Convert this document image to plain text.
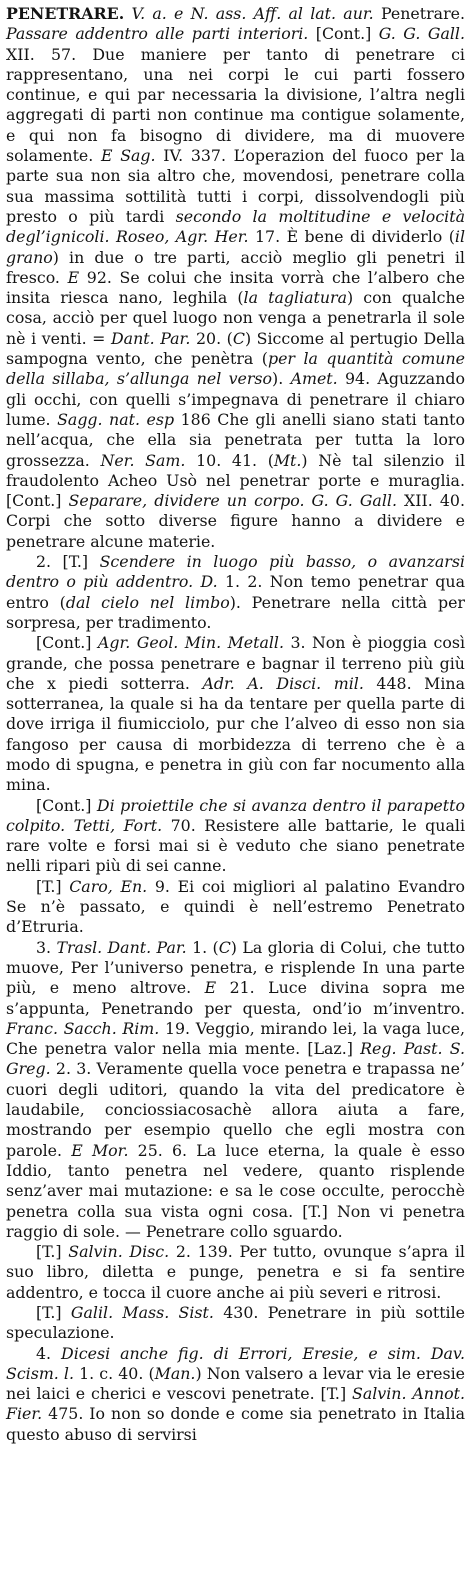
PENETRARE. V. a. e N. ass. Aff. al lat. aur. Penetrare. Passare addentro alle parti interiori. [Cont.] G. G. Gall. XII. 57. Due maniere per tanto di penetrare ci rappresentano, una nei corpi le cui parti fossero continue, e qui par necessaria la divisione, l’altra negli aggregati di parti non continue ma contigue solamente, e qui non fa bisogno di dividere, ma di muovere solamente. E Sag. IV. 337. L’operazion del fuoco per la parte sua non sia altro che, movendosi, penetrare colla sua massima sottilità tutti i corpi, dissolvendogli più presto o più tardi secondo la moltitudine e velocità degl’ignicoli. Roseo, Agr. Her. 17. È bene di dividerlo (il grano) in due o tre parti, acciò meglio gli penetri il fresco. E 92. Se colui che insita vorrà che l’albero che insita riesca nano, leghila (la tagliatura) con qualche cosa, acciò per quel luogo non venga a penetrarla il sole nè i venti. = Dant. Par. 20. (C) Siccome al pertugio Della sampogna vento, che penètra (per la quantità comune della sillaba, s’allunga nel verso). Amet. 94. Aguzzando gli occhi, con quelli s’impegnava di penetrare il chiaro lume. Sagg. nat. esp 186 Che gli anelli siano stati tanto nell’acqua, che ella sia penetrata per tutta la loro grossezza. Ner. Sam. 10. 41. (Mt.) Nè tal silenzio il fraudolento Acheo Usò nel penetrar porte e muraglia. [Cont.] Separare, dividere un corpo. G. G. Gall. XII. 40. Corpi che sotto diverse figure hanno a dividere e penetrare alcune materie.

2. [T.] Scendere in luogo più basso, o avanzarsi dentro o più addentro. D. 1. 2. Non temo penetrar qua entro (dal cielo nel limbo). Penetrare nella città per sorpresa, per tradimento.

[Cont.] Agr. Geol. Min. Metall. 3. Non è pioggia così grande, che possa penetrare e bagnar il terreno più giù che x piedi sotterra. Adr. A. Disci. mil. 448. Mina sotterranea, la quale si ha da tentare per quella parte di dove irriga il fiumicciolo, pur che l’alveo di esso non sia fangoso per causa di morbidezza di terreno che è a modo di spugna, e penetra in giù con far nocumento alla mina.

[Cont.] Di proiettile che si avanza dentro il parapetto colpito. Tetti, Fort. 70. Resistere alle battarie, le quali rare volte e forsi mai si è veduto che siano penetrate nelli ripari più di sei canne.

[T.] Caro, En. 9. Ei coi migliori al palatino Evandro Se n’è passato, e quindi è nell’estremo Penetrato d’Etruria.

3. Trasl. Dant. Par. 1. (C) La gloria di Colui, che tutto muove, Per l’universo penetra, e risplende In una parte più, e meno altrove. E 21. Luce divina sopra me s’appunta, Penetrando per questa, ond’io m’inventro. Franc. Sacch. Rim. 19. Veggio, mirando lei, la vaga luce, Che penetra valor nella mia mente. [Laz.] Reg. Past. S. Greg. 2. 3. Veramente quella voce penetra e trapassa ne’ cuori degli uditori, quando la vita del predicatore è laudabile, conciossiacosachè allora aiuta a fare, mostrando per esempio quello che egli mostra con parole. E Mor. 25. 6. La luce eterna, la quale è esso Iddio, tanto penetra nel vedere, quanto risplende senz’aver mai mutazione: e sa le cose occulte, perocchè penetra colla sua vista ogni cosa. [T.] Non vi penetra raggio di sole. — Penetrare collo sguardo.

[T.] Salvin. Disc. 2. 139. Per tutto, ovunque s’apra il suo libro, diletta e punge, penetra e si fa sentire addentro, e tocca il cuore anche ai più severi e ritrosi.

[T.] Galil. Mass. Sist. 430. Penetrare in più sottile speculazione.

4. Dicesi anche fig. di Errori, Eresie, e sim. Dav. Scism. l. 1. c. 40. (Man.) Non valsero a levar via le eresie nei laici e cherici e vescovi penetrate. [T.] Salvin. Annot. Fier. 475. Io non so donde e come sia penetrato in Italia questo abuso di servirsi
